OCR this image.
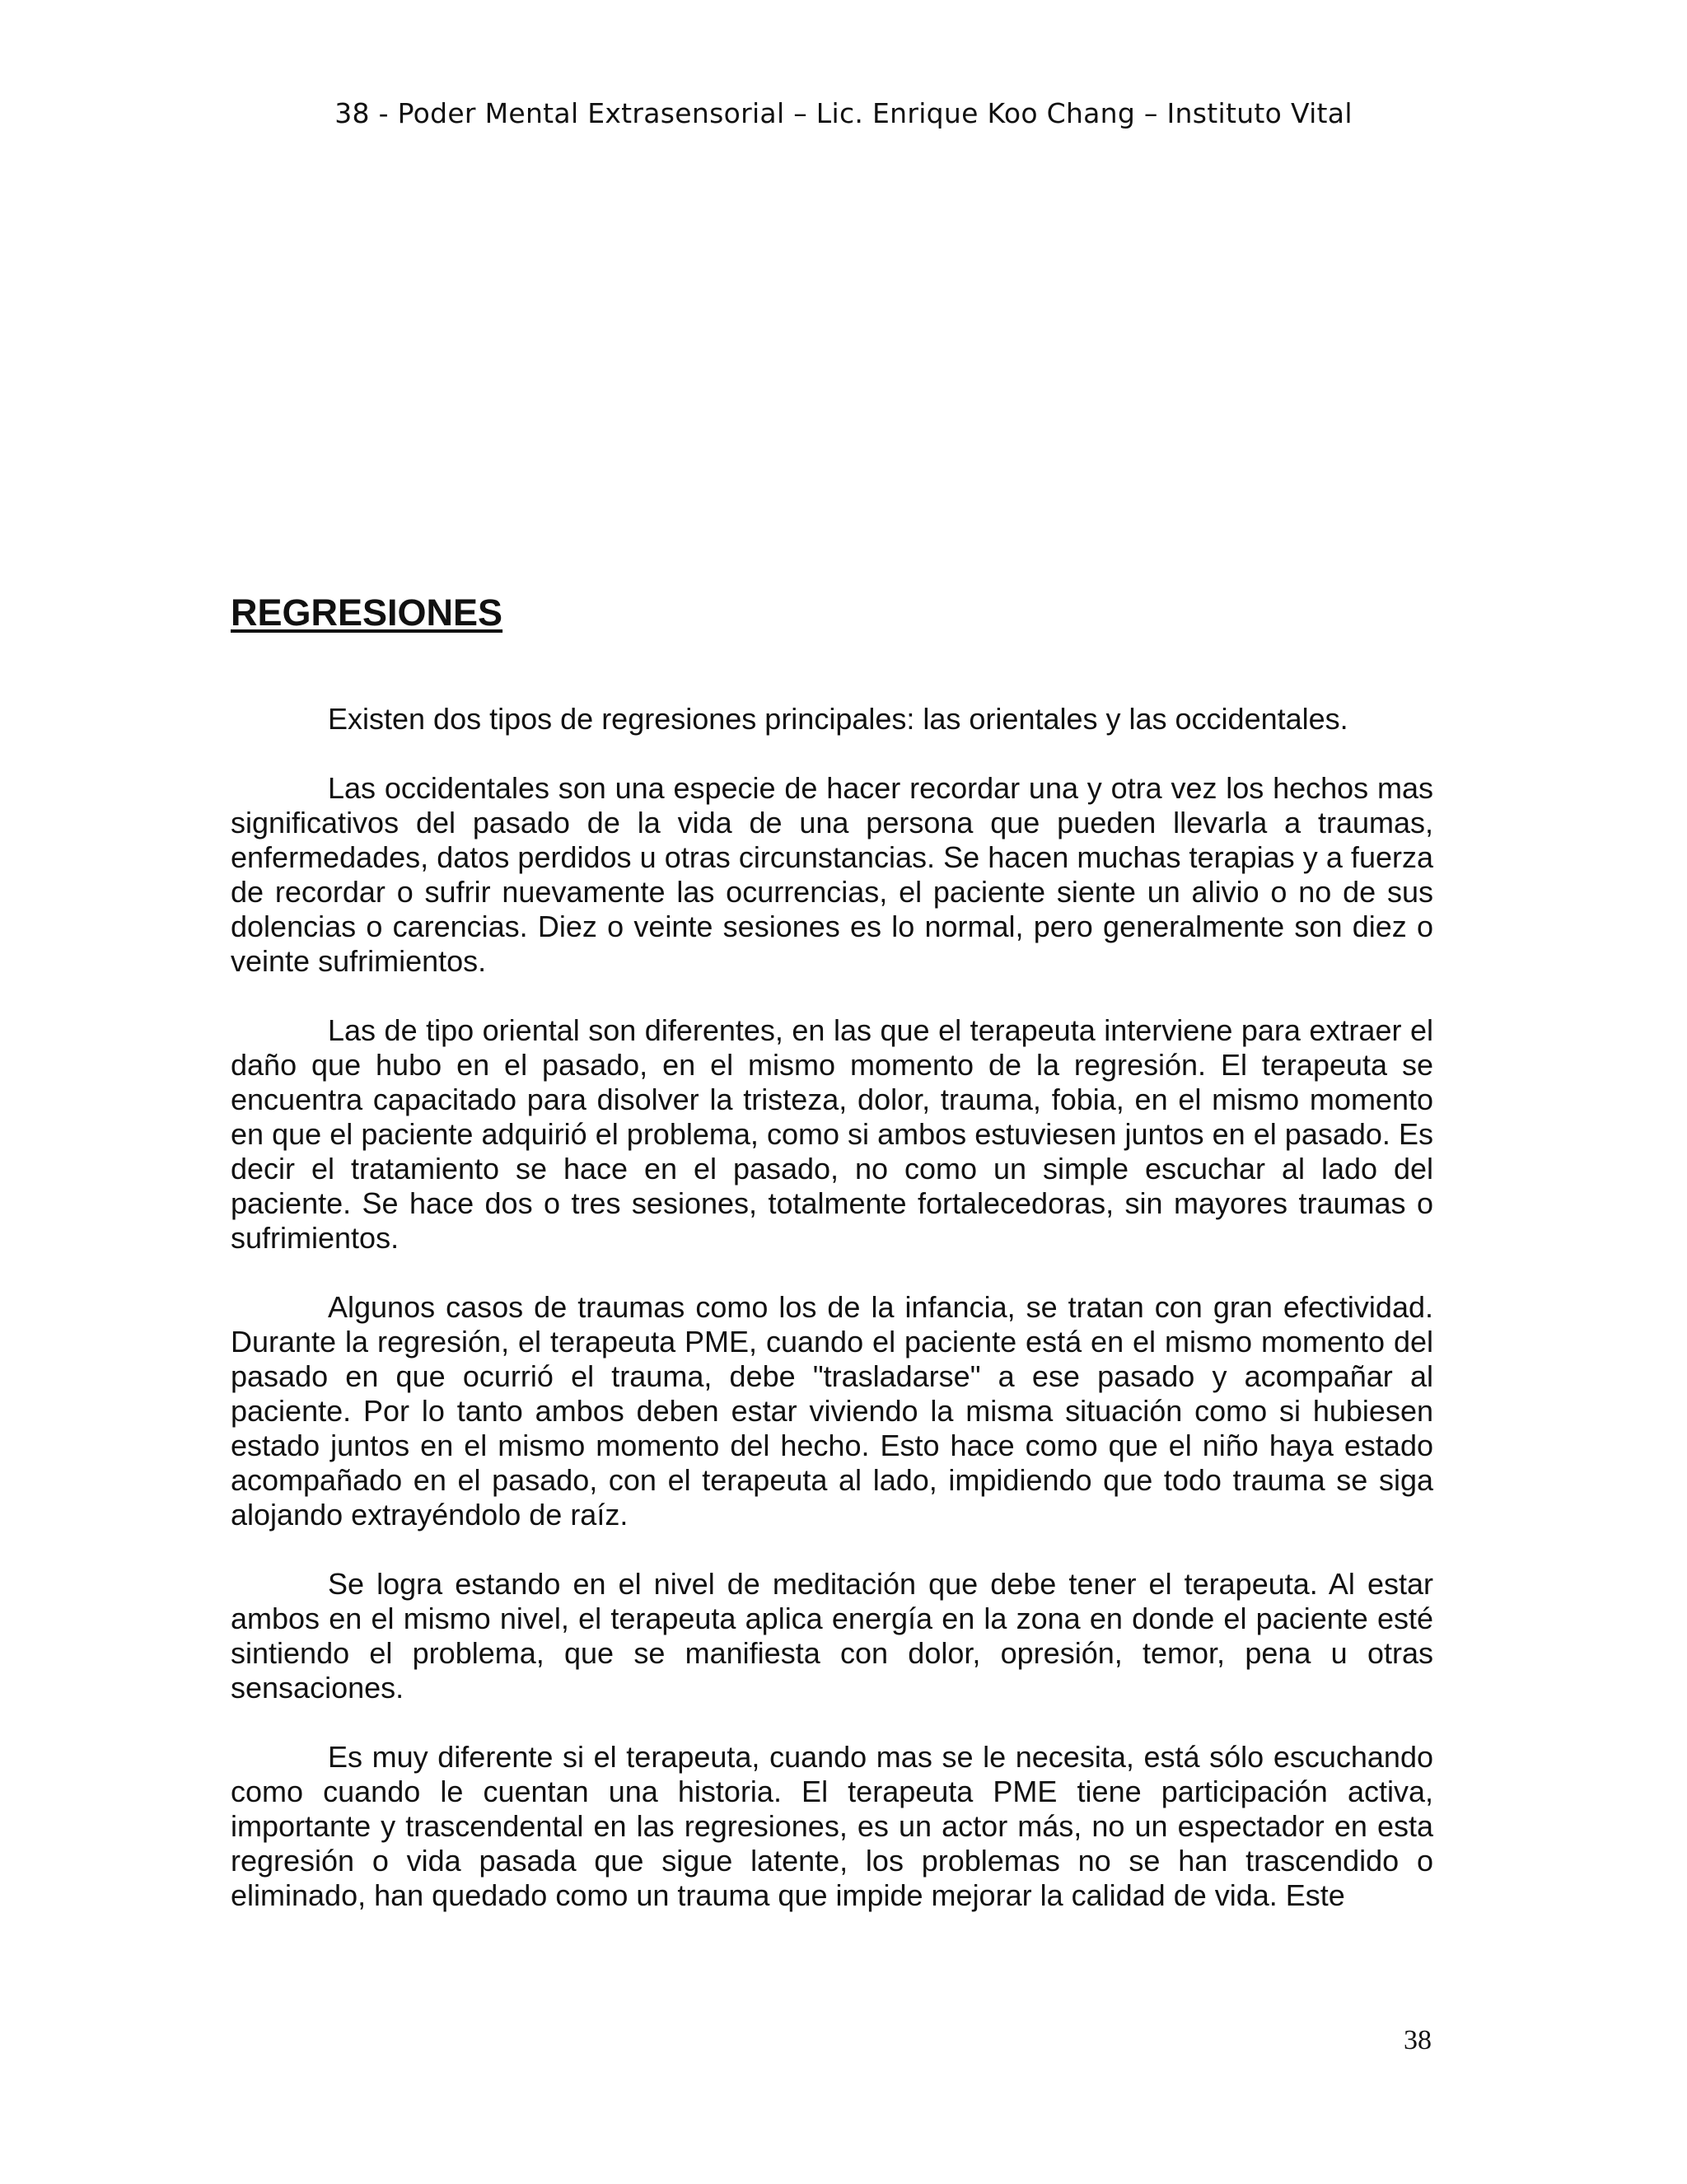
38 - Poder Mental Extrasensorial – Lic. Enrique Koo Chang – Instituto Vital
REGRESIONES

Existen dos tipos de regresiones principales: las orientales y las occidentales.

Las occidentales son una especie de hacer recordar una y otra vez los hechos mas significativos del pasado de la vida de una persona que pueden llevarla a traumas, enfermedades, datos perdidos u otras circunstancias. Se hacen muchas terapias y a fuerza de recordar o sufrir nuevamente las ocurrencias, el paciente siente un alivio o no de sus dolencias o carencias. Diez o veinte sesiones es lo normal, pero generalmente son diez o veinte sufrimientos.

Las de tipo oriental son diferentes, en las que el terapeuta interviene para extraer el daño que hubo en el pasado, en el mismo momento de la regresión. El terapeuta se encuentra capacitado para disolver la tristeza, dolor, trauma, fobia, en el mismo momento en que el paciente adquirió el problema, como si ambos estuviesen juntos en el pasado. Es decir el tratamiento se hace en el pasado, no como un simple escuchar al lado del paciente. Se hace dos o tres sesiones, totalmente fortalecedoras, sin mayores traumas o sufrimientos.

Algunos casos de traumas como los de la infancia, se tratan con gran efectividad. Durante la regresión, el terapeuta PME, cuando el paciente está en el mismo momento del pasado en que ocurrió el trauma, debe "trasladarse" a ese pasado y acompañar al paciente. Por lo tanto ambos deben estar viviendo la misma situación como si hubiesen estado juntos en el mismo momento del hecho. Esto hace como que el niño haya estado acompañado en el pasado, con el terapeuta al lado, impidiendo que todo trauma se siga alojando extrayéndolo de raíz.

Se logra estando en el nivel de meditación que debe tener el terapeuta. Al estar ambos en el mismo nivel, el terapeuta aplica energía en la zona en donde el paciente esté sintiendo el problema, que se manifiesta con dolor, opresión, temor, pena u otras sensaciones.

Es muy diferente si el terapeuta, cuando mas se le necesita, está sólo escuchando como cuando le cuentan una historia. El terapeuta PME tiene participación activa, importante y trascendental en las regresiones, es un actor más, no un espectador en esta regresión o vida pasada que sigue latente, los problemas no se han trascendido o eliminado, han quedado como un trauma que impide mejorar la calidad de vida. Este

38
